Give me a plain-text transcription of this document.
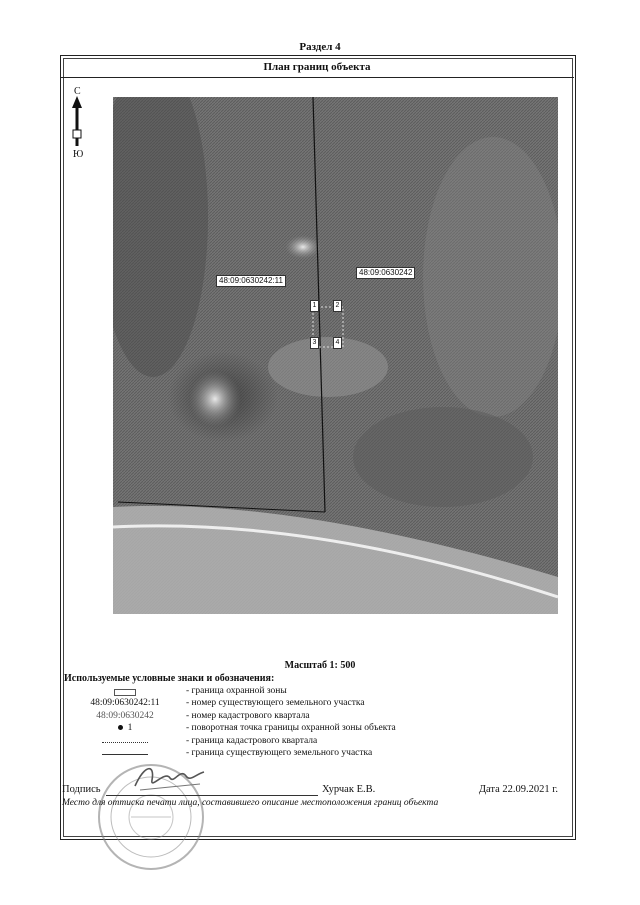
Раздел 4
План границ объекта
С
Ю
48:09:0630242:11
48:09:0630242
1	2
3	4
Масштаб 1: 500
Используемые условные знаки и обозначения:
- граница охранной зоны
48:09:0630242:11	- номер существующего земельного участка
48:09:0630242	- номер кадастрового квартала
1	- поворотная точка границы охранной зоны объекта
- граница кадастрового квартала
- граница существующего земельного участка
Подпись	Хурчак Е.В.	Дата 22.09.2021 г.
Место для оттиска печати лица, составившего описание местоположения границ объекта
